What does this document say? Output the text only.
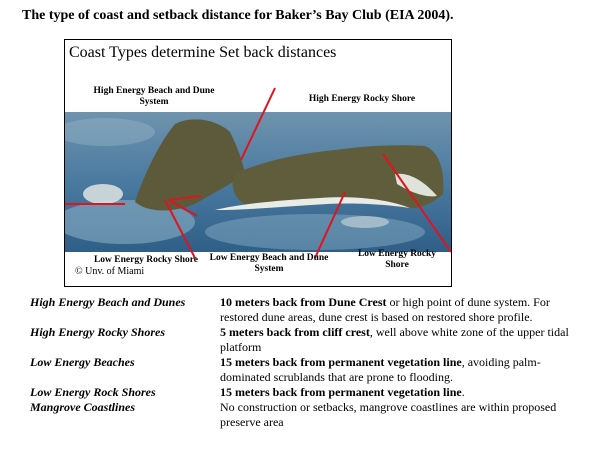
The type of coast and setback distance for Baker’s Bay Club (EIA 2004).
Coast Types determine Set back distances
High Energy Beach and Dune System	High Energy Rocky Shore
Low Energy Rocky Shore	Low Energy Beach and Dune System
Low Energy Rocky Shore
© Unv. of Miami
High Energy Beach and Dunes	10 meters back from Dune Crest or high point of dune system. For restored dune areas, dune crest is based on restored shore profile.
High Energy Rocky Shores	5 meters back from cliff crest, well above white zone of the upper tidal platform
Low Energy Beaches	15 meters back from permanent vegetation line, avoiding palm-dominated scrublands that are prone to flooding.
Low Energy Rock Shores	15 meters back from permanent vegetation line.
Mangrove Coastlines	No construction or setbacks, mangrove coastlines are within proposed preserve area
